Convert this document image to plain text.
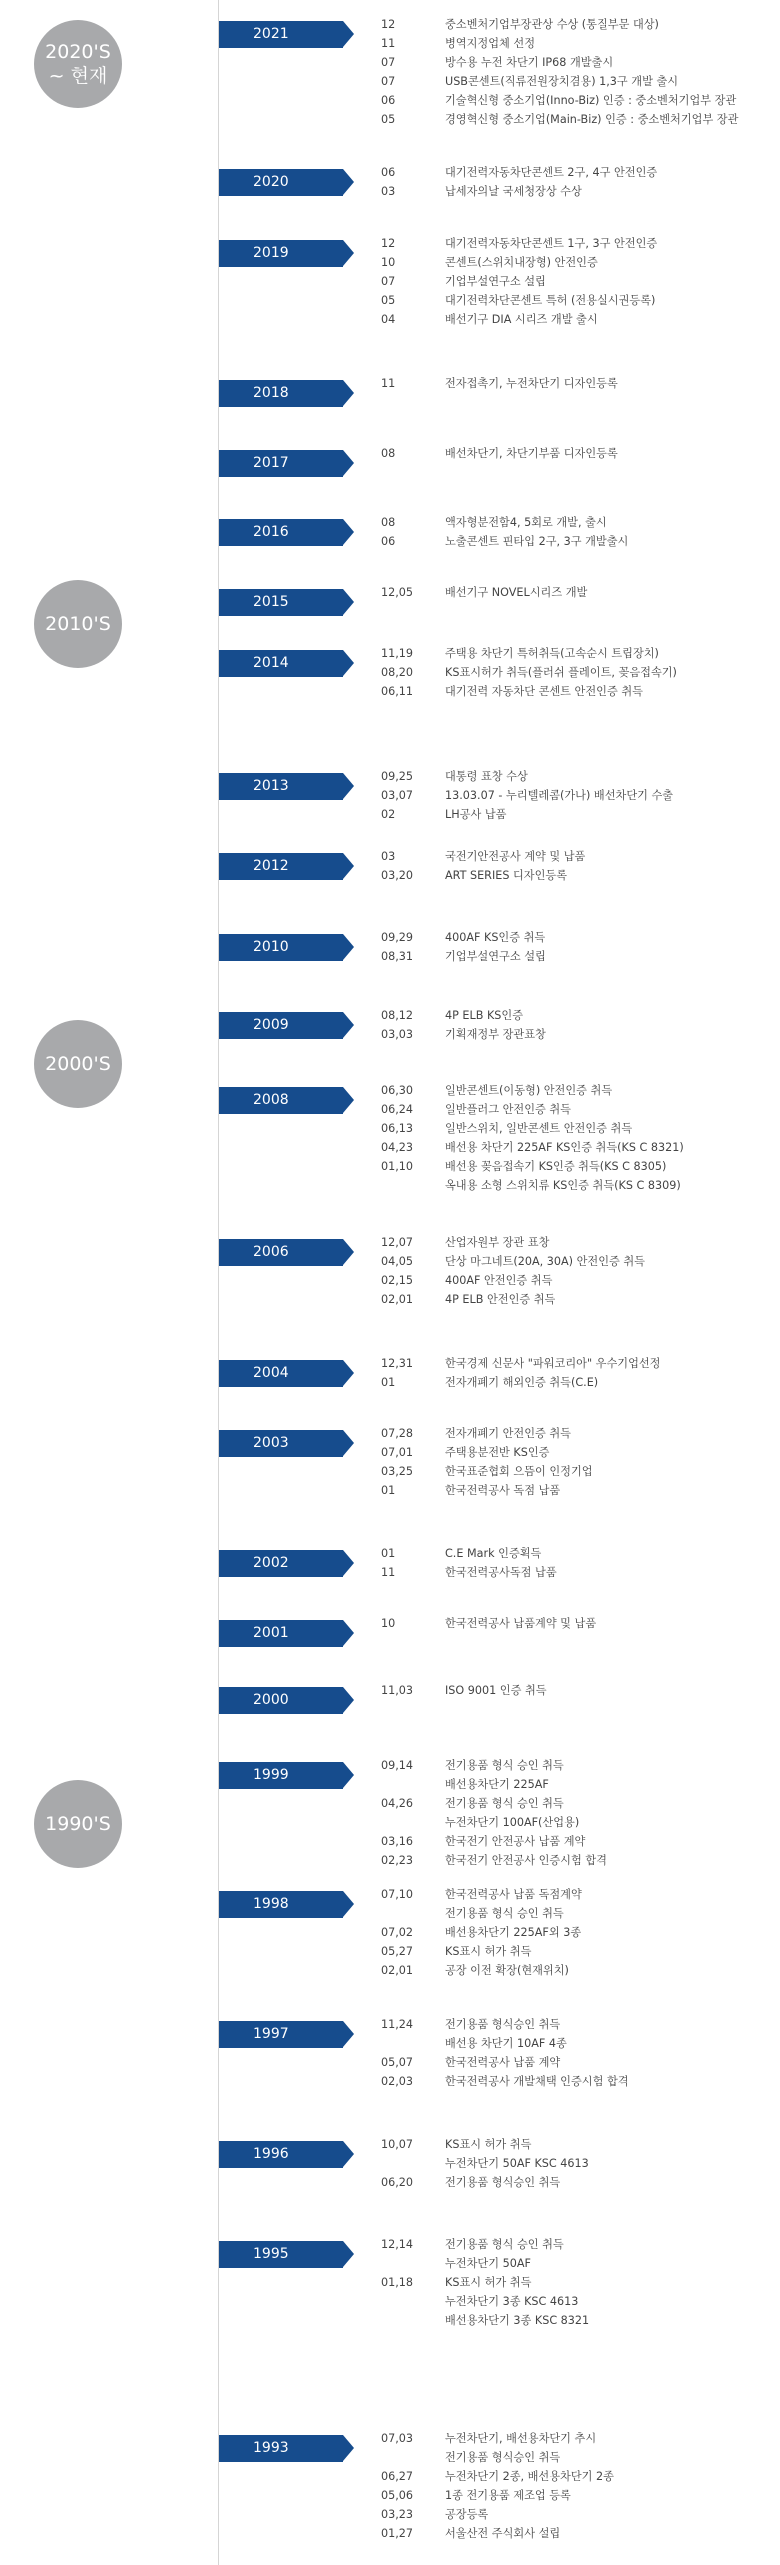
2020'S
~ 현재
2010'S
2000'S
1990'S
2021
12	중소벤처기업부장관상 수상 (통질부문 대상)
11	병역지정업체 선정
07	방수용 누전 차단기 IP68 개발출시
07	USB콘센트(직류전원장치겸용) 1,3구 개발 출시
06	기술혁신형 중소기업(Inno-Biz) 인증 : 중소벤처기업부 장관
05	경영혁신형 중소기업(Main-Biz) 인증 : 중소벤처기업부 장관
2020
06	대기전력자동차단콘센트 2구, 4구 안전인증
03	납세자의날 국세청장상 수상
2019
12	대기전력자동차단콘센트 1구, 3구 안전인증
10	콘센트(스위치내장형) 안전인증
07	기업부설연구소 설립
05	대기전력차단콘센트 특허 (전용실시권등록)
04	배선기구 DIA 시리즈 개발 출시
2018
11	전자접촉기, 누전차단기 디자인등록
2017
08	배선차단기, 차단기부품 디자인등록
2016
08	액자형분전함4, 5회로 개발, 출시
06	노출콘센트 핀타입 2구, 3구 개발출시
2015
12,05	배선기구 NOVEL시리즈 개발
2014
11,19	주택용 차단기 특허취득(고속순시 트립장치)
08,20	KS표시허가 취득(플러쉬 플레이트, 꽂음접속기)
06,11	대기전력 자동차단 콘센트 안전인증 취득
2013
09,25	대통령 표창 수상
03,07	13.03.07 - 누리텔레콤(가나) 배선차단기 수출
02	LH공사 납품
2012
03	국전기안전공사 계약 및 납품
03,20	ART SERIES 디자인등록
2010
09,29	400AF KS인증 취득
08,31	기업부설연구소 설립
2009
08,12	4P ELB KS인증
03,03	기획재정부 장관표창
2008
06,30	일반콘센트(이동형) 안전인증 취득
06,24	일반플러그 안전인증 취득
06,13	일반스위치, 일반콘센트 안전인증 취득
04,23	배선용 차단기 225AF KS인증 취득(KS C 8321)
01,10	배선용 꽂음접속기 KS인증 취득(KS C 8305)
옥내용 소형 스위치류 KS인증 취득(KS C 8309)
2006
12,07	산업자원부 장관 표창
04,05	단상 마그네트(20A, 30A) 안전인증 취득
02,15	400AF 안전인증 취득
02,01	4P ELB 안전인증 취득
2004
12,31	한국경제 신문사 "파워코리아" 우수기업선정
01	전자개폐기 해외인증 취득(C.E)
2003
07,28	전자개폐기 안전인증 취득
07,01	주택용분전반 KS인증
03,25	한국표준협회 으뜸이 인정기업
01	한국전력공사 독점 납품
2002
01	C.E Mark 인증획득
11	한국전력공사독점 납품
2001
10	한국전력공사 납품계약 및 납품
2000
11,03	ISO 9001 인증 취득
1999
09,14	전기용품 형식 승인 취득
배선용차단기 225AF
04,26	전기용품 형식 승인 취득
누전차단기 100AF(산업용)
03,16	한국전기 안전공사 납품 계약
02,23	한국전기 안전공사 인증시험 합격
1998
07,10	한국전력공사 납품 독점계약
전기용품 형식 승인 취득
07,02	배선용차단기 225AF외 3종
05,27	KS표시 허가 취득
02,01	공장 이전 확장(현재위치)
1997
11,24	전기용품 형식승인 취득
배선용 차단기 10AF 4종
05,07	한국전력공사 납품 계약
02,03	한국전력공사 개발채택 인증시험 합격
1996
10,07	KS표시 허가 취득
누전차단기 50AF KSC 4613
06,20	전기용품 형식승인 취득
1995
12,14	전기용품 형식 승인 취득
누전차단기 50AF
01,18	KS표시 허가 취득
누전차단기 3종 KSC 4613
배선용차단기 3종 KSC 8321
1993
07,03	누전차단기, 배선용차단기 추시
전기용품 형식승인 취득
06,27	누전차단기 2종, 배선용차단기 2종
05,06	1종 전기용품 제조업 등록
03,23	공장등록
01,27	서울산전 주식회사 설립
